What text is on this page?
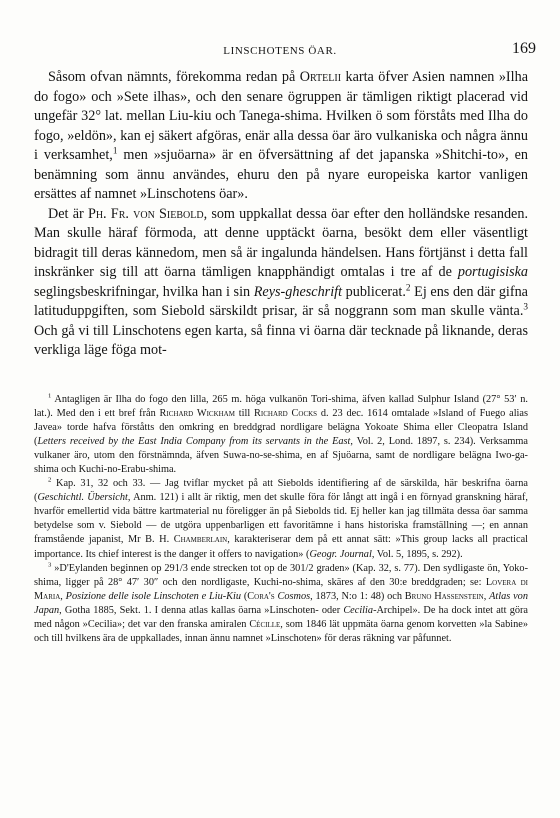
LINSCHOTENS ÖAR.	169

Såsom ofvan nämnts, förekomma redan på Ortelii karta öfver Asien namnen »Ilha do fogo» och »Sete ilhas», och den senare ögruppen är tämligen riktigt placerad vid ungefär 32° lat. mellan Liu-kiu och Tanega-shima. Hvilken ö som förståts med Ilha do fogo, »eldön», kan ej säkert afgöras, enär alla dessa öar äro vulkaniska och några ännu i verksamhet,$^1$ men »sjuöarna» är en öfversättning af det japanska »Shitchi-to», en benämning som ännu användes, ehuru den på nyare europeiska kartor vanligen ersättes af namnet »Linschotens öar».

Det är Ph. Fr. von Siebold, som uppkallat dessa öar efter den holländske resanden. Man skulle häraf förmoda, att denne upptäckt öarna, besökt dem eller väsentligt bidragit till deras kännedom, men så är ingalunda händelsen. Hans förtjänst i detta fall inskränker sig till att öarna tämligen knapphändigt omtalas i tre af de portugisiska seglingsbeskrifningar, hvilka han i sin Reys-gheschrift publicerat.$^2$ Ej ens den där gifna latituduppgiften, som Siebold särskildt prisar, är så noggrann som man skulle vänta.$^3$ Och gå vi till Linschotens egen karta, så finna vi öarna där tecknade på liknande, deras verkliga läge föga mot-

$^1$ Antagligen är Ilha do fogo den lilla, 265 m. höga vulkanön Tori-shima, äfven kallad Sulphur Island (27° 53′ n. lat.). Med den i ett bref från Richard Wickham till Richard Cocks d. 23 dec. 1614 omtalade »Island of Fuego alias Javea» torde hafva förståtts den omkring en breddgrad nordligare belägna Yokoate Shima eller Cleopatra Island (Letters received by the East India Company from its servants in the East, Vol. 2, Lond. 1897, s. 234). Verksamma vulkaner äro, utom den förstnämnda, äfven Suwa-no-se-shima, en af Sjuöarna, samt de nordligare belägna Iwo-ga-shima och Kuchi-no-Erabu-shima.

$^2$ Kap. 31, 32 och 33. — Jag tviflar mycket på att Siebolds identifiering af de särskilda, här beskrifna öarna (Geschichtl. Übersicht, Anm. 121) i allt är riktig, men det skulle föra för långt att ingå i en förnyad granskning häraf, hvarför emellertid vida bättre kartmaterial nu föreligger än på Siebolds tid. Ej heller kan jag tillmäta dessa öar samma betydelse som v. Siebold — de utgöra uppenbarligen ett favoritämne i hans historiska framställning —; en annan framstående japanist, Mr B. H. Chamberlain, karakteriserar dem på ett annat sätt: »This group lacks all practical importance. Its chief interest is the danger it offers to navigation» (Geogr. Journal, Vol. 5, 1895, s. 292).

$^3$ »D'Eylanden beginnen op 291/3 ende strecken tot op de 301/2 graden» (Kap. 32, s. 77). Den sydligaste ön, Yoko-shima, ligger på 28° 47′ 30″ och den nordligaste, Kuchi-no-shima, skäres af den 30:e breddgraden; se: Lovera di Maria, Posizione delle isole Linschoten e Liu-Kiu (Cora's Cosmos, 1873, N:o 1: 48) och Bruno Hassenstein, Atlas von Japan, Gotha 1885, Sekt. 1. I denna atlas kallas öarna »Linschoten- oder Cecilia-Archipel». De ha dock intet att göra med någon »Cecilia»; det var den franska amiralen Cécille, som 1846 lät uppmäta öarna genom korvetten »la Sabine» och till hvilkens ära de uppkallades, innan ännu namnet »Linschoten» för deras räkning var påfunnet.
